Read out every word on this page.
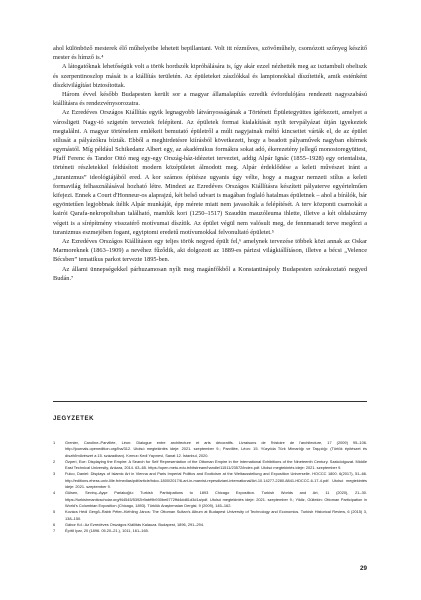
ahol különböző mesterek élő műhelyeibe lehetett bepillantani. Volt itt rézműves, szövőműhely, csomózott szőnyeg készítő mester és hímző is.⁴

A látogatóknak lehetőségük volt a török hordszék kipróbálására is, így akár ezzel nézhették meg az isztambuli obeliszk és szerpentinoszlop mását is a kiállítás területén. Az épületeket zászlókkal és lampionokkal díszítették, amik esténként díszkivilágítást biztosítottak.

Három évvel később Budapesten került sor a magyar államalapítás ezredik évfordulójára rendezett nagyszabású kiállításra és rendezvénysorozatra.

Az Ezredéves Országos Kiállítás egyik legnagyobb látványosságának a Történeti Épületegyüttes ígérkezett, amelyet a városligeti Nagy-tó szigetén terveztek felépíteni. Az épületek formai kialakítását nyilt tervpályázat útján igyekeztek megtalálni. A magyar történelem emlékeit bemutató épületről a múlt nagyjainak méltó kincseitet várták el, de az épület stílusát a pályázókra bízták. Ebből a meghirdetésre kiírásból következett, hogy a beadott pályaművek nagyban eltérnek egymástól. Míg például Schikedanz Albert egy, az akadémikus formákra sokat adó, ékerezetény jellegű monostoregyüttest, Pfaff Ferenc és Tandor Ottó meg egy-egy Ország-ház-idézetet terveztet, addig Alpár Ignác (1855–1928) egy orientalista, történeti részletekkel feldúsított modern középületet álmodott meg. Alpár érdeklődése a keleti művészet iránt a „turanizmus” ideológiájából ered. A kor számos építésze ugyanis úgy vélte, hogy a magyar nemzeti stílus a keleti formavilág felhasználásával hozható létre. Mindezt az Ezredéves Országos Kiállításra készített pályaterve egyértelműen kifejezi. Ennek a Court d'Honneur-os alaprajzú, két belső udvart is magában foglaló hatalmas épületnek – ahol a bírálók, bár egyöntetűen legjobbnak ítélik Alpár munkáját, épp mérete miatt nem javasolták a felépítését. A terv központi csarnokát a kairói Qarafa-nekropolisban található, mamlúk kori (1250–1517) Szaudün mauzóleuma ihlette, illetve a két oldalszárny végeit is a sírépítmény visszatérő motívumai díszítik. Az épület végül nem valósult meg, de fennmaradt terve megőrzi a turanizmus eszmejében fogant, egyiptomi eredetű motívumokkal felvonultató épületet.⁵

Az Ezredéves Országos Kiállításon egy teljes török negyed épült fel,⁶ amelynek tervezése többek közt annak az Oskar Marmoreknek (1863–1909) a nevéhez fűződik, aki dolgozott az 1889-es párizsi világkiállításon, illetve a bécsi „Velence Bécsben” tematikus parkot tervezte 1895-ben.

Az állami ünnepségekkel párhuzamosan nyílt meg magánfőkből a Konstantinápoly Budapesten szórakoztató negyed Budán.⁷

JEGYZETEK
1	Grenier, Caroline–Parvillée, Léon: Dialogue entre architecture et arts décoratifs. Livraisons de l'histoire de l'architecture, 17 (2009) 95–106. http://journals.openedition.org/lha/312. Utolsó megtekintés ideje: 2021. szeptember 9.; Parvillée, Léon: 15. Yüzyılda Türk Mimarlığı ve Taşçılığı: (Törtök építészet és díszítőművészet a 15. században). Kırmızı Kedi Yayınevi, Sanat 12. İstanbul, 2020.
2	Özperi, Ece: Displaying the Empire: A Search for Self Representation of the Ottoman Empire in the International Exhibitions of the Nineteenth Century. Szakdolgozat. Middle East Technical University, Ankara, 2014. 63–65. https://open.metu.edu.tr/bitstream/handle/11511/23572/index.pdf. Utolsó megtekintés ideje: 2021. szeptember 9.
3	Fulco, Daniel: Displays of Islamic Art in Vienna and Paris Imperial Politics and Exoticism at the Weltausstellung and Exposition Universelle. HOCCC 1800. 6(2017), 51–66. http://editions.ehess.univ-lille.fr/medias/pdf/article/hdcc-1800/2017/6-art-in-marxist-repesdiziani-international/Art-10.14277-2280-8841-HDCCC-6-17-4.pdf. Utolsó megtekintés ideje: 2021. szeptember 9.
4	Gülsen, Sevinç–Ayşe Parlakoğlu: Turkish Participations to 1893 Chicago Exposition. Turkish Worlds and Art, 11 (2020), 21–30. https://turkishmanticscholar.org/f44545/5392b9abf9b930be6772ffd4dd81d3d1a/pdf. Utolsó megtekintés ideje: 2021. szeptember 9.; Yildiz, Gültekin: Ottoman Participation in World's Columbian Exposition (Chicago, 1893). Türklük Araştırmaları Dergisi, 9 (2009), 145–162.
5	Kovács Hédi Gergő–Rabb Péter–Kiéhling János: The Ottoman Sultan's Album at Budapest University of Technology and Economics. Turkish Historical Review, 6 (2015) 3, 138–150.
6	Gábor Kd.: Az Ezredéves Országos Kiállítás Kalauza. Budapest, 1896, 291–294.
7	Építő Ipar, 20 (1896. 05.20–21.), 1011, 161–165.
29
